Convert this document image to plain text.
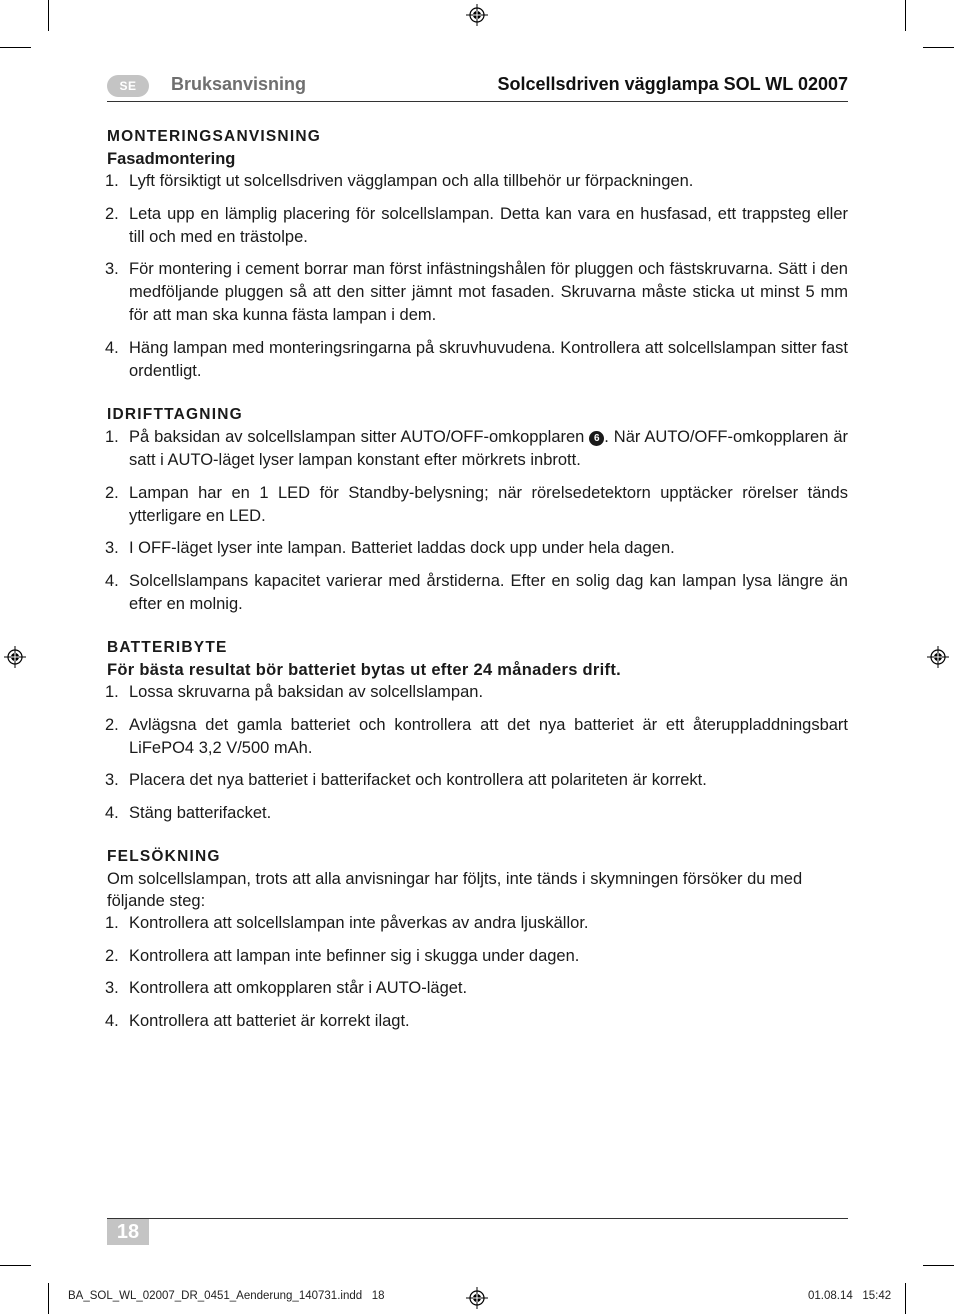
SE	Bruksanvisning	Solcellsdriven vägglampa SOL WL 02007

MONTERINGSANVISNING

Fasadmontering

1. Lyft försiktigt ut solcellsdriven vägglampan och alla tillbehör ur förpackningen.
2. Leta upp en lämplig placering för solcellslampan. Detta kan vara en husfasad, ett trappsteg eller till och med en trästolpe.
3. För montering i cement borrar man först infästningshålen för pluggen och fästskruvarna. Sätt i den medföljande pluggen så att den sitter jämnt mot fasaden. Skruvarna måste sticka ut minst 5 mm för att man ska kunna fästa lampan i dem.
4. Häng lampan med monteringsringarna på skruvhuvudena. Kontrollera att solcellslampan sitter fast ordentligt.

IDRIFTTAGNING

1. På baksidan av solcellslampan sitter AUTO/OFF-omkopplaren 6 . När AUTO/OFF-omkopplaren är satt i AUTO-läget lyser lampan konstant efter mörkrets inbrott.
2. Lampan har en 1 LED för Standby-belysning; när rörelsedetektorn upptäcker rörelser tänds ytterligare en LED.
3. I OFF-läget lyser inte lampan. Batteriet laddas dock upp under hela dagen.
4. Solcellslampans kapacitet varierar med årstiderna. Efter en solig dag kan lampan lysa längre än efter en molnig.

BATTERIBYTE

För bästa resultat bör batteriet bytas ut efter 24 månaders drift.

1. Lossa skruvarna på baksidan av solcellslampan.
2. Avlägsna det gamla batteriet och kontrollera att det nya batteriet är ett återuppladdningsbart LiFePO4 3,2 V/500 mAh.
3. Placera det nya batteriet i batterifacket och kontrollera att polariteten är korrekt.
4. Stäng batterifacket.

FELSÖKNING

Om solcellslampan, trots att alla anvisningar har följts, inte tänds i skymningen försöker du med följande steg:

1. Kontrollera att solcellslampan inte påverkas av andra ljuskällor.
2. Kontrollera att lampan inte befinner sig i skugga under dagen.
3. Kontrollera att omkopplaren står i AUTO-läget.
4. Kontrollera att batteriet är korrekt ilagt.
18
BA_SOL_WL_02007_DR_0451_Aenderung_140731.indd   18	01.08.14   15:42
